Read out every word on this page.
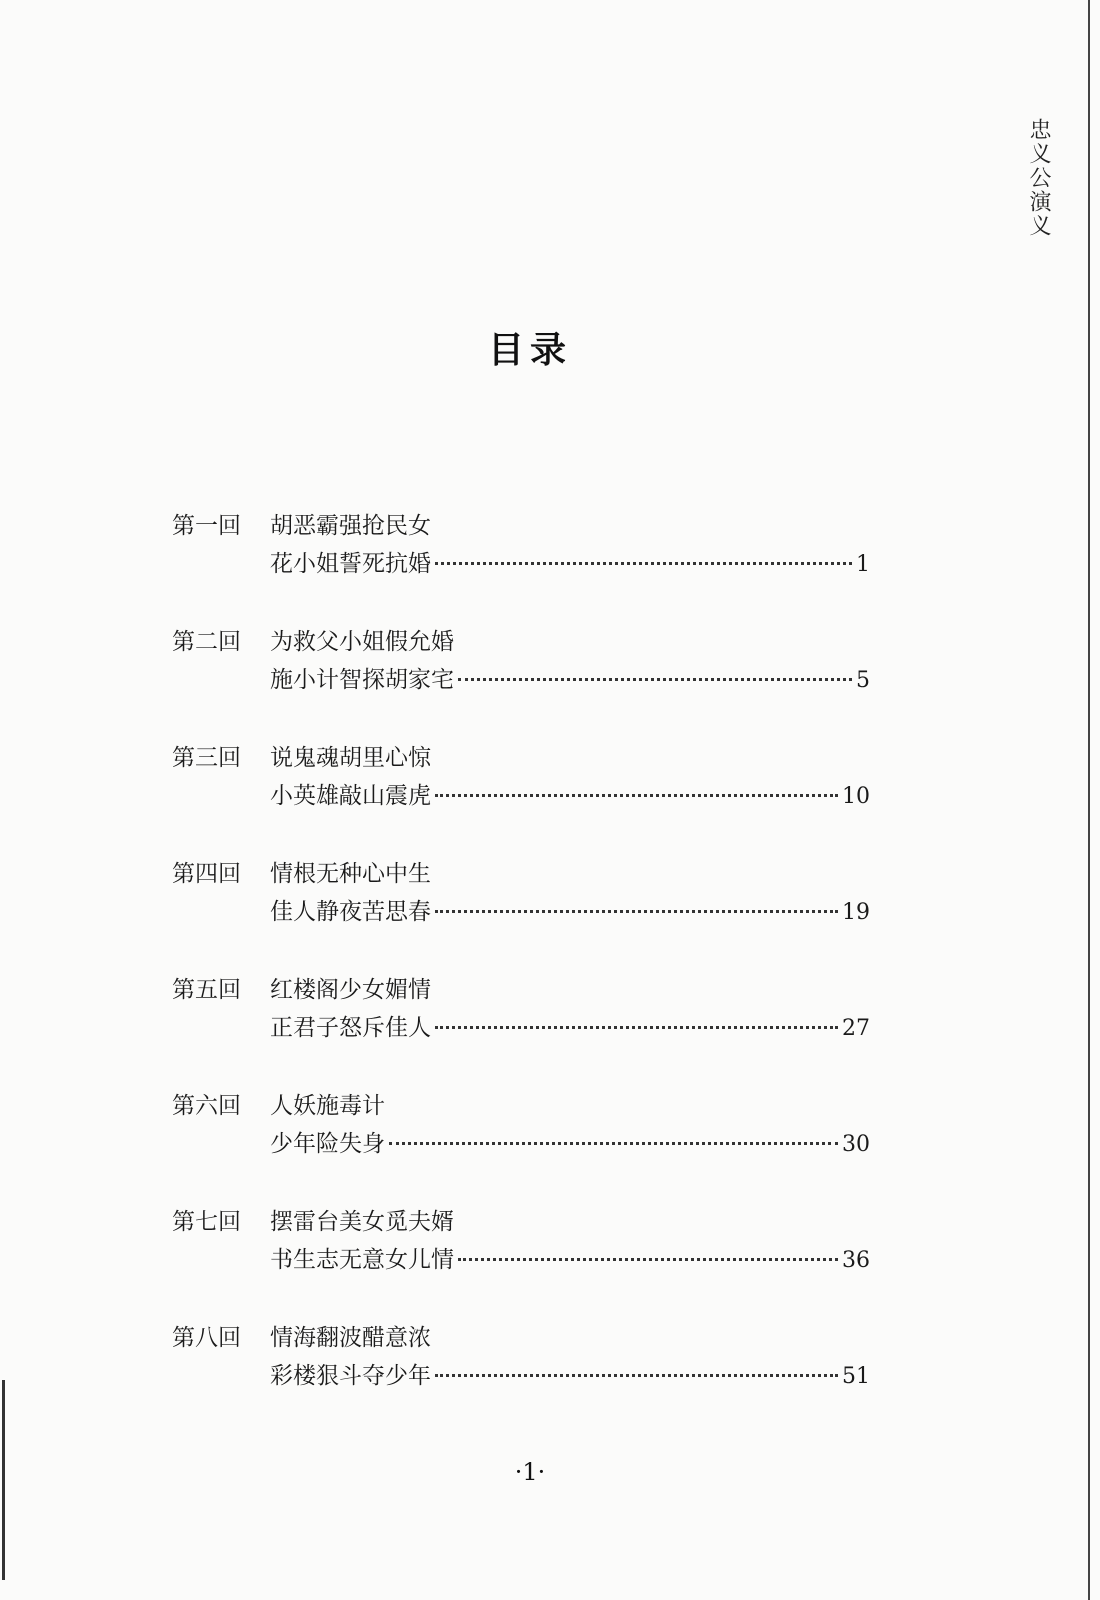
忠义公演义
目录
第一回 胡恶霸强抢民女
花小姐誓死抗婚	1
第二回 为救父小姐假允婚
施小计智探胡家宅	5
第三回 说鬼魂胡里心惊
小英雄敲山震虎	10
第四回 情根无种心中生
佳人静夜苦思春	19
第五回 红楼阁少女媚情
正君子怒斥佳人	27
第六回 人妖施毒计
少年险失身	30
第七回 摆雷台美女觅夫婿
书生志无意女儿情	36
第八回 情海翻波醋意浓
彩楼狠斗夺少年	51
·1·
